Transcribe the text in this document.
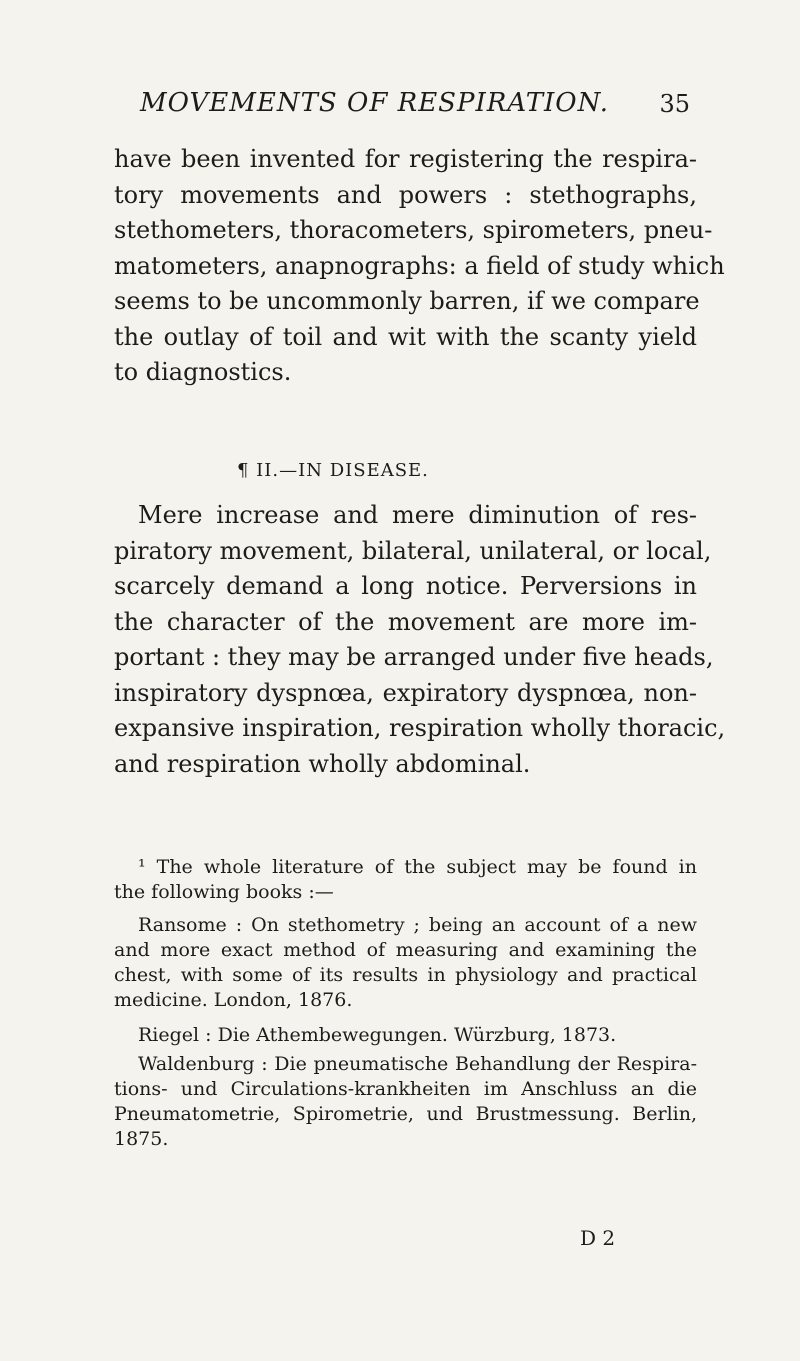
MOVEMENTS OF RESPIRATION. 35
have been invented for registering the respira-
tory movements and powers : stethographs,
stethometers, thoracometers, spirometers, pneu-
matometers, anapnographs: a field of study which
seems to be uncommonly barren, if we compare
the outlay of toil and wit with the scanty yield
to diagnostics.
¶ II.—IN DISEASE.
Mere increase and mere diminution of res-
piratory movement, bilateral, unilateral, or local,
scarcely demand a long notice. Perversions in
the character of the movement are more im-
portant : they may be arranged under five heads,
inspiratory dyspnœa, expiratory dyspnœa, non-
expansive inspiration, respiration wholly thoracic,
and respiration wholly abdominal.
¹ The whole literature of the subject may be found in
the following books :—
Ransome : On stethometry ; being an account of a new
and more exact method of measuring and examining the
chest, with some of its results in physiology and practical
medicine. London, 1876.
Riegel : Die Athembewegungen. Würzburg, 1873.
Waldenburg : Die pneumatische Behandlung der Respira-
tions- und Circulations-krankheiten im Anschluss an die
Pneumatometrie, Spirometrie, und Brustmessung. Berlin,
1875.
D 2
